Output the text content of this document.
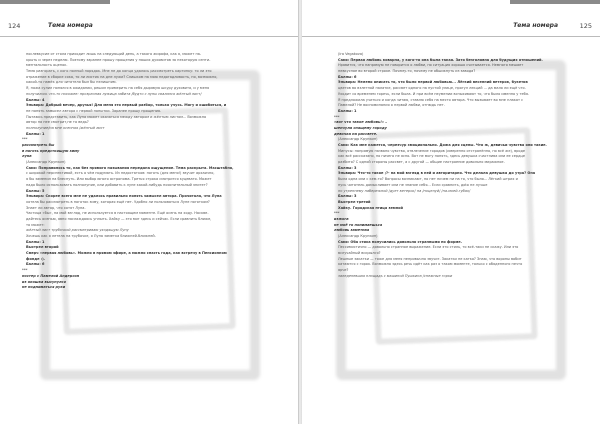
124	Тема номера

послевкусие от стола приходит лишь на следующий день, а такого жирафа, как я, может на-

крыть и через неделю. Поэтому заранее прошу прощения у наших духовитов за некоторую сенти-

ментальность оценок.

Тема разгорать, с кого полный порядок. Мне не до конца удалось рассмотреть картинку: то ли это

отражение в сборке сока, то ли листик на дне лужи? Слишком на мою недогадливость, но, возможно,

какой-то намёк для читателя был бы нелишним.

Я, пожа сулил понялся в ожидании, решил примерить на себя дырявую шкуру духовита, и у меня

получилось что-то похожее: прозрачная лужица забита /будто с луны свалился жёлтый лист/

Баллы: 4

Эльвира: Добрый вечер, друзья! Для меня это первый разбор, только учусь. Могу и ошибиться, и

не понять замысел автора с первой попытки. Заранее прошу прощения.

Пытаюсь представить, как Луна может оказаться между автором и жёлтым листом... Возможно

автор на нее смотрит,не то ведь?

полнолуние/на мне осенняя /жёлтый лист

Баллы: 1

***

рассмотреть бы

в ноготь предстоящую зиму

луна

(Александр Крупкин)

Саки: Понравилось то, как без прямого называния передана ощущение. Тема раскрыта. Масштабно,

с широкой перспективой, есть о чём подумать. Из недостатков: ноготь (для меня!) звучит архаично,

я бы заменил на блеснуть. Или выбор юного астронома. Третья строка смотрится куцевато. Может

надо было использовать полнолуние, или добавить к луне какой-нибудь пояснительный эпитет?

Баллы: 5

Эльвира: Скорее всего мне не удалось правильно понять замысел автора. Прочитала, что Луна

хотела бы рассмотреть в ноготок зиму, которая ещё нет. Удобно ли пользоваться Луне ноготком?

Знает ли автор, что хотят Луна.

Частица «бы», на мой взгляд, не используется в настоящем моменте. Ещё осень на ходу. Наскве-

дайтесь осенью, явно наслаждаясь уплыть. Хайку — это миг здесь и сейчас. Если сравнить ближе,

то может:

жёлтый лист трубочкой рассматриваю уходящую Луну

Хочешь как я летела на трубочке, я Луна заметка ближней-ближней.

Баллы: 1

Выстрел второй

Смерч «первая любовь». Можно в прямом эфире, а можно спасть года, как встречу в Пенсионном

фонде :).

Баллы: 6

***

постер с Памелой Андерсон

из окошка высунулся

не подниматься руки

Тема номера	125

(Ira Vegakova)

Саки: Первая любовь коварна, у кого-то она была такая. Зато безголовна для будущих отношений.

Нравится, что напрямую не говорится о любви, но ситуация хорошо считывается. Немного мешает

невкусное во второй строке. Почему-то, почему не обшикнуть из завода?

Баллы: 6

Эльвира: Нелепо описать то, что было первой любовью... Лёгкий весенний ветерок, букетик

цветов во взлетной палатке, рассвет одного на пустой улице, прогул лекций ... да мало ли ещё что.

Уходит со временем горечь, если была. И при всём неумении вспыхивают то, что было именно у тебя.

Я предложила учиться и когда читаю, ставлю себя на место автора. Что вызывает во мне плакат с

Памелой? Не воспоминания о первой любви, отнюдь нет.

Баллы: 1

***

«вот что такое любовь!» –

шепчула спящему городу

девочка на рассвете.

(Александр Крупкин)

Саки: Как мне кажется, черезчур эмоционально. Дожа для сцены. Что ж, девичьи чувства они такие.

Минусы: напрямую названо чувство, отвлечение городов (имеренно отстранённо, но всё же), вроде

как всё рассказано, но ничего не ясно. Вот не могу понять, здесь девушка счастлива или ее сердце

разбито? С одной стороны рассвет, а с другой — общие настроение довольно миражное.

Баллы: 3

Эльвира: Что-то такое ;?- на мой взгляд в ней и авторитарно. Что делала девушка до утра? Она

была одна или с кем-то? Вопросы возникают, но нет ничем ни на то, что было... Лёгкий штрих и

нусь читатель домысливает или не знание себя... Если сравнить, дoto не лучше

по утреннему набережной /дует ветерок/ на /поцелуй/ /на-моей-губах/

Баллы: 3

Выстрел третий

Хайку. Городская птица земной

***

изжога

не моё то понимаешься

любовь заметная

(Александр Крупкин)

Саки: Оба стиха получились довольно странными по форме.

Пессимистично — довольно странное выражение. Если это стиль, то всё-таки не скажу. Или это

вслучайный вскрылся?

Лешные закатки — тоже для меня непривычно звучит. Закатки не катко? Знаю, что вороны вобит

катаются с горок. Возможно здесь речь идёт как раз о таком моменте, только с обяденного нечто

ярче?

заледеневшая площадь с машиной Пушкина /снежные горки
